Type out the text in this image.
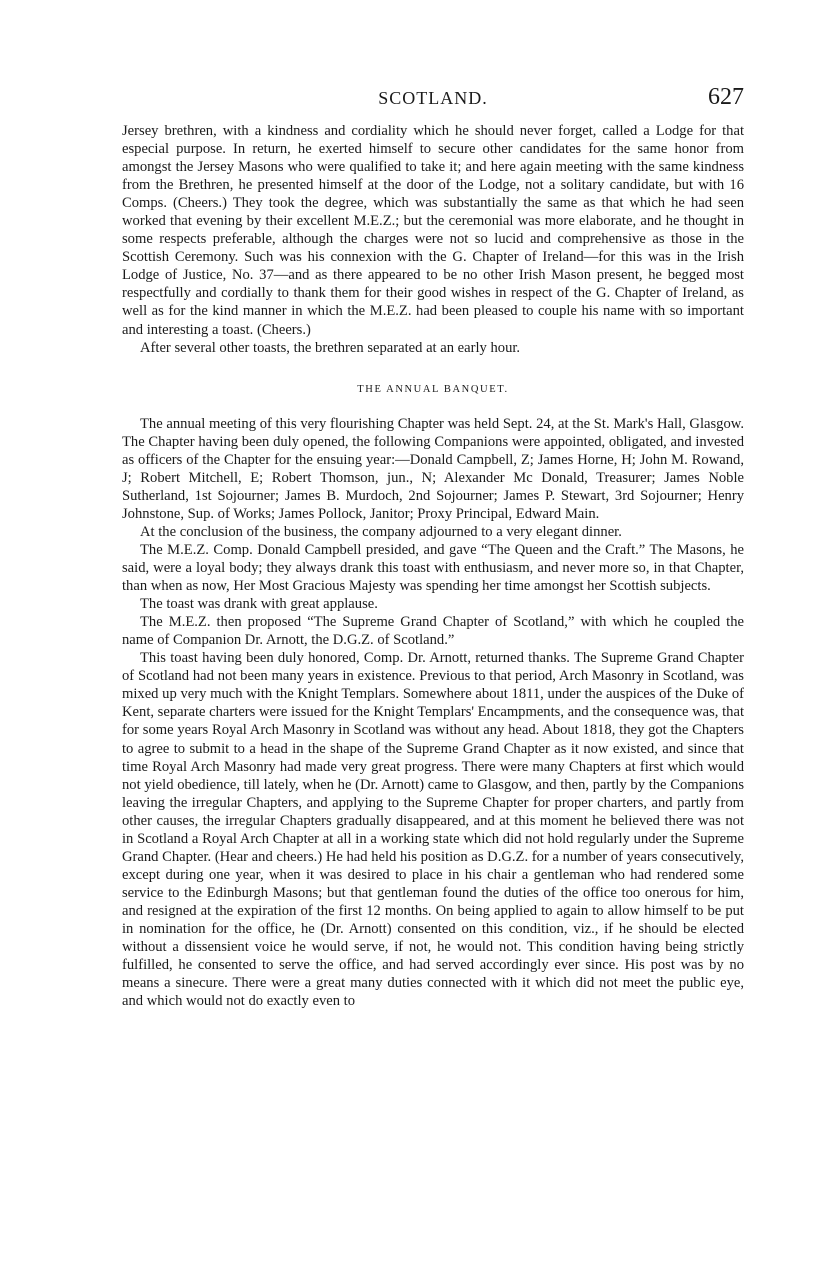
SCOTLAND.	627

Jersey brethren, with a kindness and cordiality which he should never forget, called a Lodge for that especial purpose. In return, he exerted himself to secure other candidates for the same honor from amongst the Jersey Masons who were qualified to take it; and here again meeting with the same kindness from the Brethren, he presented himself at the door of the Lodge, not a solitary candidate, but with 16 Comps. (Cheers.) They took the degree, which was substantially the same as that which he had seen worked that evening by their excellent M.E.Z.; but the ceremonial was more elaborate, and he thought in some respects preferable, although the charges were not so lucid and comprehensive as those in the Scottish Ceremony. Such was his connexion with the G. Chapter of Ireland—for this was in the Irish Lodge of Justice, No. 37—and as there appeared to be no other Irish Mason present, he begged most respectfully and cordially to thank them for their good wishes in respect of the G. Chapter of Ireland, as well as for the kind manner in which the M.E.Z. had been pleased to couple his name with so important and interesting a toast. (Cheers.)

After several other toasts, the brethren separated at an early hour.

THE ANNUAL BANQUET.

The annual meeting of this very flourishing Chapter was held Sept. 24, at the St. Mark's Hall, Glasgow. The Chapter having been duly opened, the following Companions were appointed, obligated, and invested as officers of the Chapter for the ensuing year:—Donald Campbell, Z; James Horne, H; John M. Rowand, J; Robert Mitchell, E; Robert Thomson, jun., N; Alexander Mc Donald, Treasurer; James Noble Sutherland, 1st Sojourner; James B. Murdoch, 2nd Sojourner; James P. Stewart, 3rd Sojourner; Henry Johnstone, Sup. of Works; James Pollock, Janitor; Proxy Principal, Edward Main.

At the conclusion of the business, the company adjourned to a very elegant dinner.

The M.E.Z. Comp. Donald Campbell presided, and gave “The Queen and the Craft.” The Masons, he said, were a loyal body; they always drank this toast with enthusiasm, and never more so, in that Chapter, than when as now, Her Most Gracious Majesty was spending her time amongst her Scottish subjects.

The toast was drank with great applause.

The M.E.Z. then proposed “The Supreme Grand Chapter of Scotland,” with which he coupled the name of Companion Dr. Arnott, the D.G.Z. of Scotland.”

This toast having been duly honored, Comp. Dr. Arnott, returned thanks. The Supreme Grand Chapter of Scotland had not been many years in existence. Previous to that period, Arch Masonry in Scotland, was mixed up very much with the Knight Templars. Somewhere about 1811, under the auspices of the Duke of Kent, separate charters were issued for the Knight Templars' Encampments, and the consequence was, that for some years Royal Arch Masonry in Scotland was without any head. About 1818, they got the Chapters to agree to submit to a head in the shape of the Supreme Grand Chapter as it now existed, and since that time Royal Arch Masonry had made very great progress. There were many Chapters at first which would not yield obedience, till lately, when he (Dr. Arnott) came to Glasgow, and then, partly by the Companions leaving the irregular Chapters, and applying to the Supreme Chapter for proper charters, and partly from other causes, the irregular Chapters gradually disappeared, and at this moment he believed there was not in Scotland a Royal Arch Chapter at all in a working state which did not hold regularly under the Supreme Grand Chapter. (Hear and cheers.) He had held his position as D.G.Z. for a number of years consecutively, except during one year, when it was desired to place in his chair a gentleman who had rendered some service to the Edinburgh Masons; but that gentleman found the duties of the office too onerous for him, and resigned at the expiration of the first 12 months. On being applied to again to allow himself to be put in nomination for the office, he (Dr. Arnott) consented on this condition, viz., if he should be elected without a dissensient voice he would serve, if not, he would not. This condition having being strictly fulfilled, he consented to serve the office, and had served accordingly ever since. His post was by no means a sinecure. There were a great many duties connected with it which did not meet the public eye, and which would not do exactly even to
